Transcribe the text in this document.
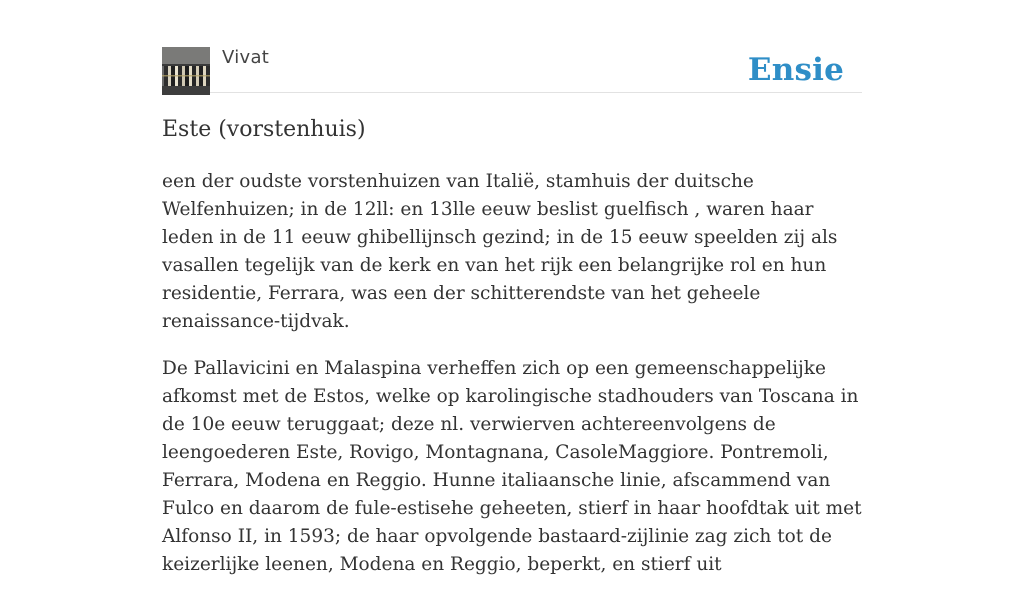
Vivat	Ensie
Este (vorstenhuis)

een der oudste vorstenhuizen van Italië, stamhuis der duitsche Welfenhuizen; in de 12ll: en 13lle eeuw beslist guelfisch , waren haar leden in de 11 eeuw ghibellijnsch gezind; in de 15 eeuw speelden zij als vasallen tegelijk van de kerk en van het rijk een belangrijke rol en hun residentie, Ferrara, was een der schitterendste van het geheele renaissance-tijdvak.

De Pallavicini en Malaspina verheffen zich op een gemeenschappelijke afkomst met de Estos, welke op karolingische stadhouders van Toscana in de 10e eeuw teruggaat; deze nl. verwierven achtereenvolgens de leengoederen Este, Rovigo, Montagnana, CasoleMaggiore. Pontremoli, Ferrara, Modena en Reggio. Hunne italiaansche linie, afscammend van Fulco en daarom de fule-estisehe geheeten, stierf in haar hoofdtak uit met Alfonso II, in 1593; de haar opvolgende bastaard-zijlinie zag zich tot de keizerlijke leenen, Modena en Reggio, beperkt, en stierf uit
